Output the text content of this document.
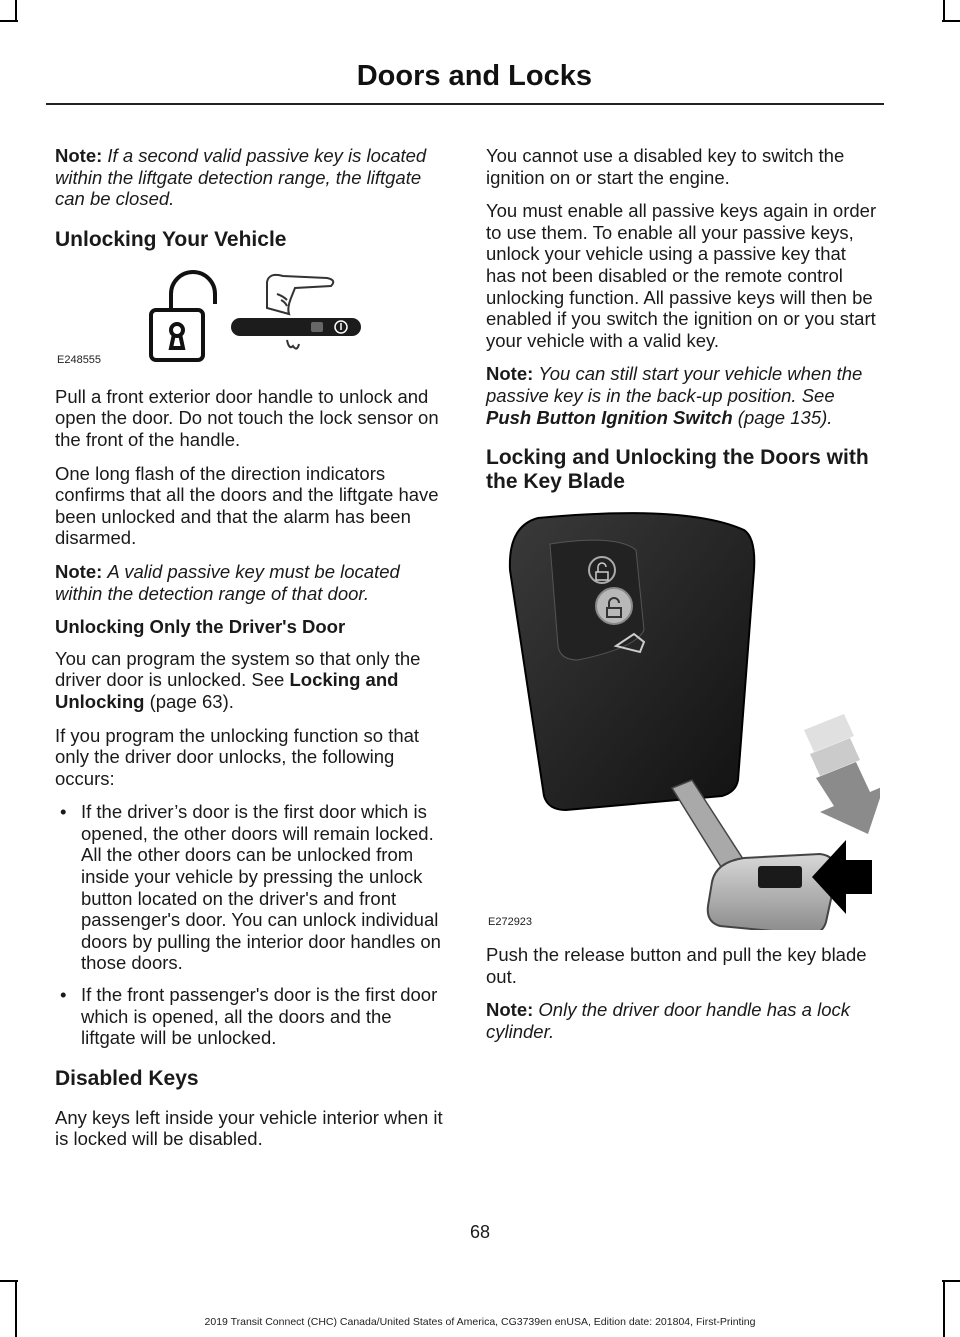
Doors and Locks

Note: If a second valid passive key is located within the liftgate detection range, the liftgate can be closed.

Unlocking Your Vehicle
E248555

Pull a front exterior door handle to unlock and open the door. Do not touch the lock sensor on the front of the handle.

One long flash of the direction indicators confirms that all the doors and the liftgate have been unlocked and that the alarm has been disarmed.

Note: A valid passive key must be located within the detection range of that door.

Unlocking Only the Driver's Door

You can program the system so that only the driver door is unlocked. See Locking and Unlocking (page 63).

If you program the unlocking function so that only the driver door unlocks, the following occurs:

• If the driver’s door is the first door which is opened, the other doors will remain locked. All the other doors can be unlocked from inside your vehicle by pressing the unlock button located on the driver's and front passenger's door. You can unlock individual doors by pulling the interior door handles on those doors.
• If the front passenger's door is the first door which is opened, all the doors and the liftgate will be unlocked.
Disabled Keys

Any keys left inside your vehicle interior when it is locked will be disabled.

You cannot use a disabled key to switch the ignition on or start the engine.

You must enable all passive keys again in order to use them. To enable all your passive keys, unlock your vehicle using a passive key that has not been disabled or the remote control unlocking function. All passive keys will then be enabled if you switch the ignition on or you start your vehicle with a valid key.

Note: You can still start your vehicle when the passive key is in the back-up position. See Push Button Ignition Switch (page 135).

Locking and Unlocking the Doors with the Key Blade
E272923

Push the release button and pull the key blade out.

Note: Only the driver door handle has a lock cylinder.

68
2019 Transit Connect (CHC) Canada/United States of America, CG3739en enUSA, Edition date: 201804, First-Printing
